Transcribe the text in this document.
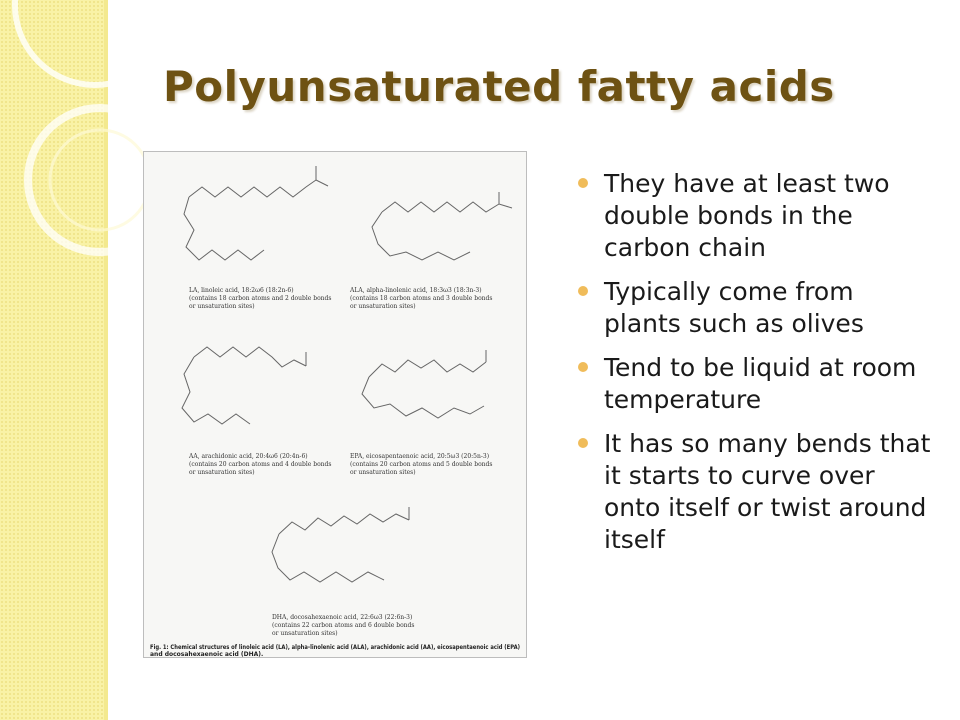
Polyunsaturated fatty acids
LA, linoleic acid, 18:2ω6 (18:2n-6)
(contains 18 carbon atoms and 2 double bonds
or unsaturation sites)
ALA, alpha-linolenic acid, 18:3ω3 (18:3n-3)
(contains 18 carbon atoms and 3 double bonds
or unsaturation sites)
AA, arachidonic acid, 20:4ω6 (20:4n-6)
(contains 20 carbon atoms and 4 double bonds
or unsaturation sites)
EPA, eicosapentaenoic acid, 20:5ω3 (20:5n-3)
(contains 20 carbon atoms and 5 double bonds
or unsaturation sites)
DHA, docosahexaenoic acid, 22:6ω3 (22:6n-3)
(contains 22 carbon atoms and 6 double bonds
or unsaturation sites)
Fig. 1: Chemical structures of linoleic acid (LA), alpha-linolenic acid (ALA), arachidonic acid (AA), eicosapentaenoic acid (EPA)
and docosahexaenoic acid (DHA).
They have at least two double bonds in the carbon chain
Typically come from plants such as olives
Tend to be liquid at room temperature
It has so many bends that it starts to curve over onto itself or twist around itself
